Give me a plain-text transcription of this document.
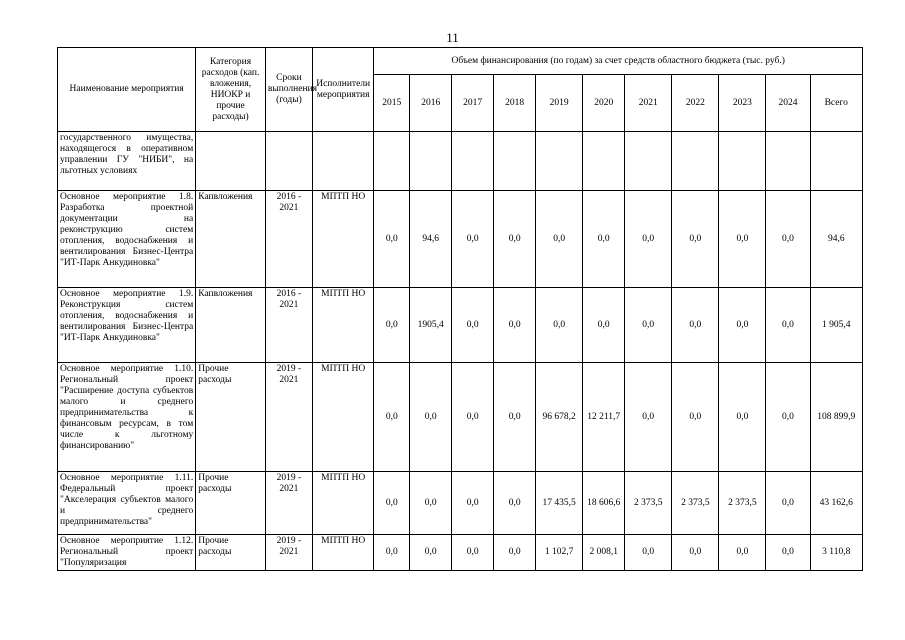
11
Наименование мероприятия	Категория расходов (кап. вложения, НИОКР и прочие расходы)	Сроки выполнения (годы)	Исполнители мероприятия	Объем финансирования (по годам) за счет средств областного бюджета (тыс. руб.)										
				2015	2016	2017	2018	2019	2020	2021	2022	2023	2024	Всего
государственного имущества, находящегося в оперативном управлении ГУ "НИБИ", на льготных условиях														
Основное мероприятие 1.8. Разработка проектной документации на реконструкцию систем отопления, водоснабжения и вентилирования Бизнес-Центра "ИТ-Парк Анкудиновка"	Капвложения	2016 - 2021	МПТП НО	0,0	94,6	0,0	0,0	0,0	0,0	0,0	0,0	0,0	0,0	94,6
Основное мероприятие 1.9. Реконструкция систем отопления, водоснабжения и вентилирования Бизнес-Центра "ИТ-Парк Анкудиновка"	Капвложения	2016 - 2021	МПТП НО	0,0	1905,4	0,0	0,0	0,0	0,0	0,0	0,0	0,0	0,0	1 905,4
Основное мероприятие 1.10. Региональный проект "Расширение доступа субъектов малого и среднего предпринимательства к финансовым ресурсам, в том числе к льготному финансированию"	Прочие расходы	2019 - 2021	МПТП НО	0,0	0,0	0,0	0,0	96 678,2	12 211,7	0,0	0,0	0,0	0,0	108 899,9
Основное мероприятие 1.11. Федеральный проект "Акселерация субъектов малого и среднего предпринимательства"	Прочие расходы	2019 - 2021	МПТП НО	0,0	0,0	0,0	0,0	17 435,5	18 606,6	2 373,5	2 373,5	2 373,5	0,0	43 162,6
Основное мероприятие 1.12. Региональный проект "Популяризация	Прочие расходы	2019 - 2021	МПТП НО	0,0	0,0	0,0	0,0	1 102,7	2 008,1	0,0	0,0	0,0	0,0	3 110,8
